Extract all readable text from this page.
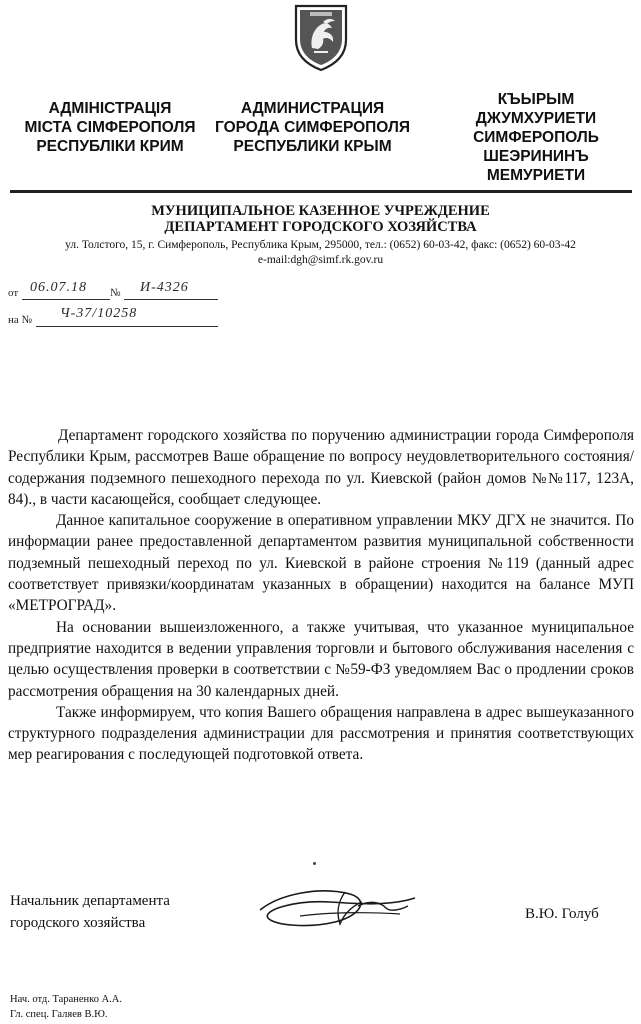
АДМІНІСТРАЦІЯ
МІСТА СІМФЕРОПОЛЯ
РЕСПУБЛІКИ КРИМ
АДМИНИСТРАЦИЯ
ГОРОДА СИМФЕРОПОЛЯ
РЕСПУБЛИКИ КРЫМ
КЪЫРЫМ
ДЖУМХУРИЕТИ
СИМФЕРОПОЛЬ
ШЕЭРИНИНЪ
МЕМУРИЕТИ
МУНИЦИПАЛЬНОЕ КАЗЕННОЕ УЧРЕЖДЕНИЕ
ДЕПАРТАМЕНТ ГОРОДСКОГО ХОЗЯЙСТВА
ул. Толстого, 15, г. Симферополь, Республика Крым, 295000, тел.: (0652) 60-03-42, факс: (0652) 60-03-42
e-mail:dgh@simf.rk.gov.ru
от 06.07.18 № И-4326
на № Ч-37/10258

Департамент городского хозяйства по поручению администрации города Симферополя Республики Крым, рассмотрев Ваше обращение по вопросу неудовлетворительного состояния/содержания подземного пешеходного перехода по ул. Киевской (район домов №№117, 123А, 84)., в части касающейся, сообщает следующее.

Данное капитальное сооружение в оперативном управлении МКУ ДГХ не значится. По информации ранее предоставленной департаментом развития муниципальной собственности подземный пешеходный переход по ул. Киевской в районе строения №119 (данный адрес соответствует привязки/координатам указанных в обращении) находится на балансе МУП «МЕТРОГРАД».

На основании вышеизложенного, а также учитывая, что указанное муниципальное предприятие находится в ведении управления торговли и бытового обслуживания населения с целью осуществления проверки в соответствии с №59-ФЗ уведомляем Вас о продлении сроков рассмотрения обращения на 30 календарных дней.

Также информируем, что копия Вашего обращения направлена в адрес вышеуказанного структурного подразделения администрации для рассмотрения и принятия соответствующих мер реагирования с последующей подготовкой ответа.

Начальник департамента
городского хозяйства
В.Ю. Голуб
Нач. отд. Тараненко А.А.
Гл. спец. Галяев В.Ю.
